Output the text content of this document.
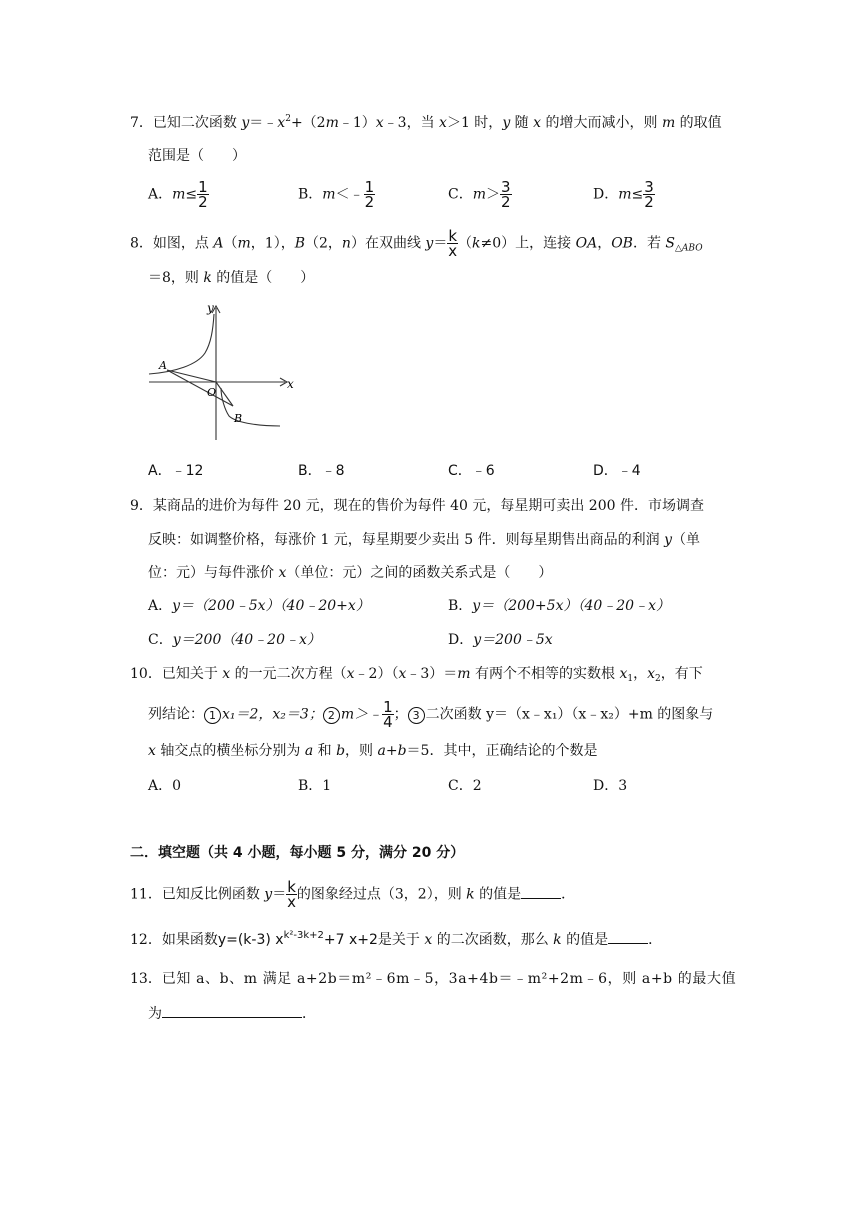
7．已知二次函数 $y=﹣x^2+(2m﹣1)x﹣3$，当 x＞1 时，y 随 x 的增大而减小，则 m 的取值
范围是（　　）
A．$m\le \frac{1}{2}$	B．m＜﹣ $\frac{1}{2}$	C．$m> \frac{3}{2}$	D．$m\le \frac{3}{2}$
8．如图，点 A（m，1），B（2，n）在双曲线 $y= \frac{k}{x} (k\ne 0)$上，连接 OA，OB．若 $S_{\triangle ABO}$
＝8，则 k 的值是（　　）
y
x
A
O
B
A．﹣12	B．﹣8	C．﹣6	D．﹣4
9．某商品的进价为每件 20 元，现在的售价为每件 40 元，每星期可卖出 200 件．市场调查
反映：如调整价格，每涨价 1 元，每星期要少卖出 5 件．则每星期售出商品的利润 y（单
位：元）与每件涨价 x（单位：元）之间的函数关系式是（　　）
A．y＝（200﹣5x）（40﹣20+x）	B．y＝（200+5x）（40﹣20﹣x）
C．y＝200（40﹣20﹣x）	D．y＝200﹣5x
10．已知关于 x 的一元二次方程（x﹣2）（x﹣3）＝m 有两个不相等的实数根 $x_1$，$x_2$，有下
列结论： 1 x₁＝2，x₂＝3； 2 m＞﹣ $\frac{1}{4}$ ； 3 二次函数 y＝（x﹣x₁）（x﹣x₂）+m 的图象与
x 轴交点的横坐标分别为 a 和 b，则 a+b＝5．其中，正确结论的个数是
A．0	B．1	C．2	D．3
二．填空题（共 4 小题，每小题 5 分，满分 20 分）
11．已知反比例函数 $y= \frac{k}{x}$ 的图象经过点（3，2），则 k 的值是	．
12．如果函数y=(k-3) $x^{k^2-3k+2}+7$ x+2是关于 x 的二次函数，那么 k 的值是	．
13．已知 a、b、m 满足 a+2b＝m²﹣6m﹣5，3a+4b＝﹣m²+2m﹣6，则 a+b 的最大值
为	．
